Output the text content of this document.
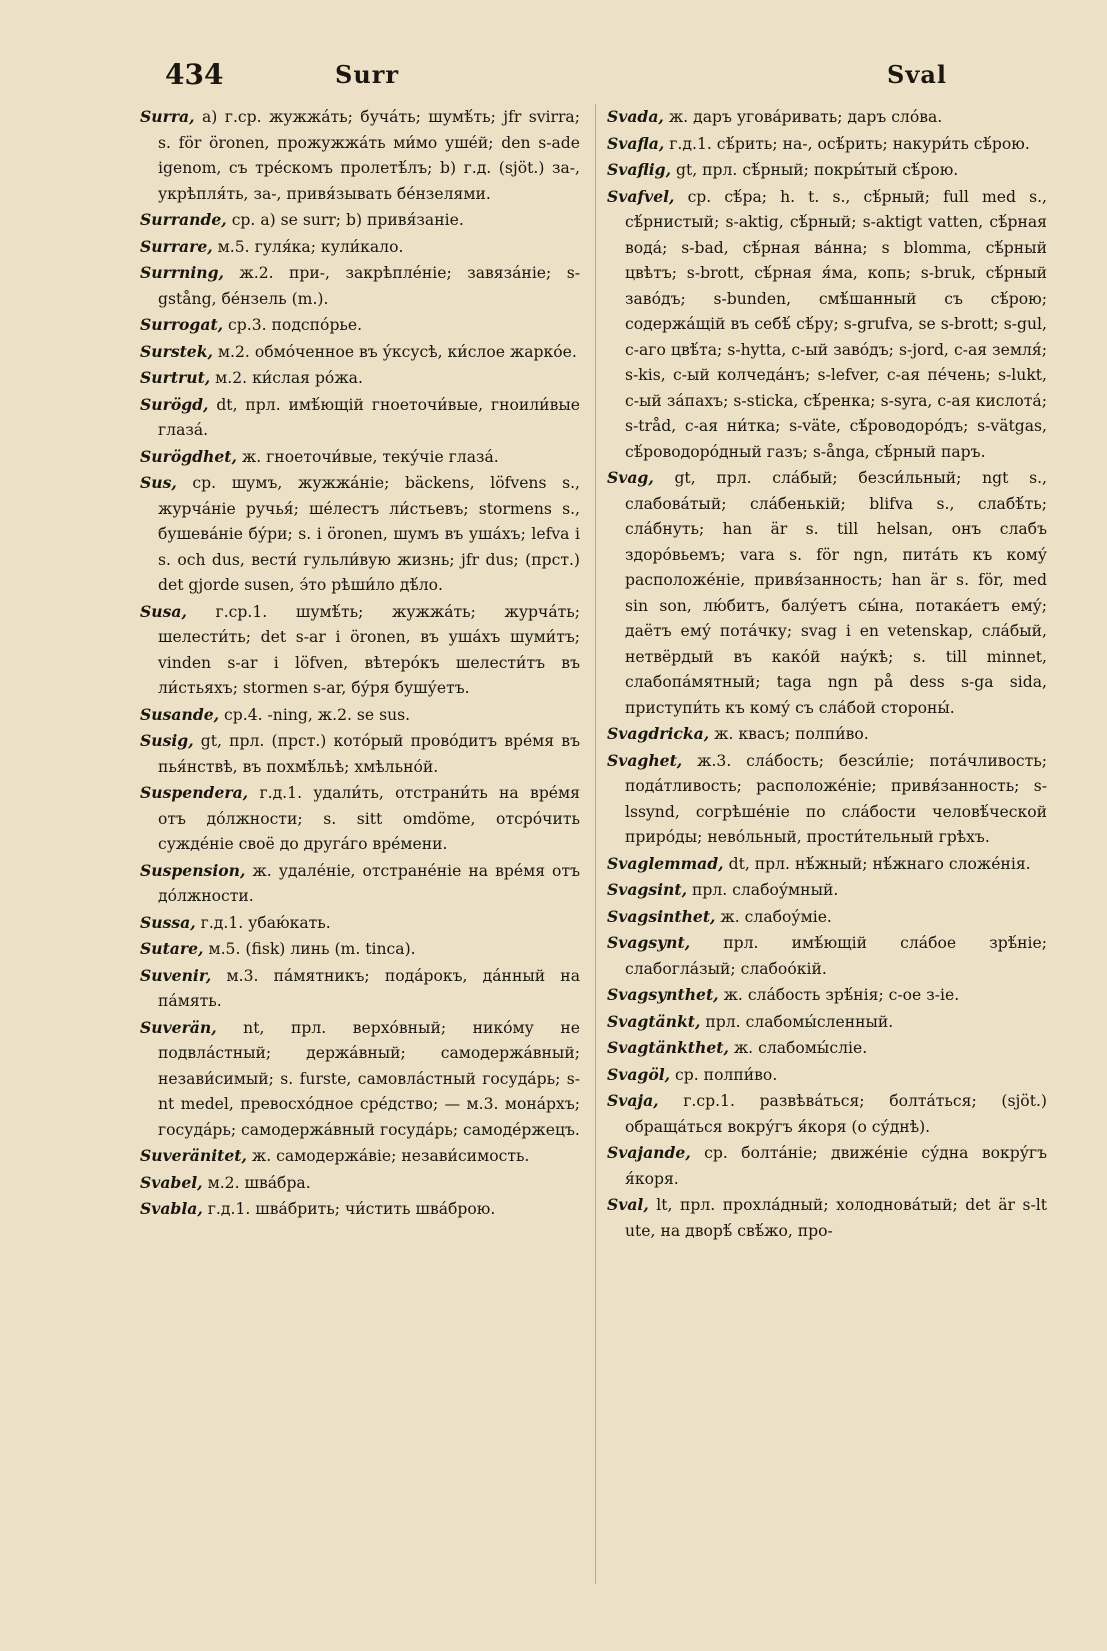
434	Surr	Sval

Surra, a) г.ср. жужжа́ть; буча́ть; шумѣ́ть; jfr svirra; s. för öronen, прожужжа́ть ми́мо уше́й; den s-ade igenom, съ тре́скомъ пролетѣ́лъ; b) г.д. (sjöt.) за-, укрѣпля́ть, за-, привя́зывать бе́нзелями.

Surrande, ср. a) se surr; b) привя́заніе.

Surrare, м.5. гуля́ка; кули́кало.

Surrning, ж.2. при-, закрѣпле́ніе; завяза́ніе; s-gstång, бе́нзель (m.).

Surrogat, ср.3. подспо́рье.

Surstek, м.2. обмо́ченное въ у́ксусѣ, ки́слое жарко́е.

Surtrut, м.2. ки́слая ро́жа.

Surögd, dt, прл. имѣ́ющій гноеточи́вые, гноили́вые глаза́.

Surögdhet, ж. гноеточи́вые, теку́чіе глаза́.

Sus, ср. шумъ, жужжа́ніе; bäckens, löfvens s., журча́ніе ручья́; ше́лестъ ли́стьевъ; stormens s., бушева́ніе бу́ри; s. i öronen, шумъ въ уша́хъ; lefva i s. och dus, вести́ гульли́вую жизнь; jfr dus; (прст.) det gjorde susen, э́то рѣши́ло дѣ́ло.

Susa, г.ср.1. шумѣ́ть; жужжа́ть; журча́ть; шелести́ть; det s-ar i öronen, въ уша́хъ шуми́тъ; vinden s-ar i löfven, вѣтеро́къ шелести́тъ въ ли́стьяхъ; stormen s-ar, бу́ря бушу́етъ.

Susande, ср.4. -ning, ж.2. se sus.

Susig, gt, прл. (прст.) кото́рый прово́дитъ вре́мя въ пья́нствѣ, въ похмѣ́льѣ; хмѣльно́й.

Suspendera, г.д.1. удали́ть, отстрани́ть на вре́мя отъ до́лжности; s. sitt omdöme, отсро́чить сужде́ніе своё до друга́го вре́мени.

Suspension, ж. удале́ніе, отстране́ніе на вре́мя отъ до́лжности.

Sussa, г.д.1. убаю́кать.

Sutare, м.5. (fisk) линь (m. tinca).

Suvenir, м.3. па́мятникъ; пода́рокъ, да́нный на па́мять.

Suverän, nt, прл. верхо́вный; нико́му не подвла́стный; держа́вный; самодержа́вный; незави́симый; s. furste, самовла́стный госуда́рь; s-nt medel, превосхо́дное сре́дство; — м.3. мона́рхъ; госуда́рь; самодержа́вный госуда́рь; самоде́ржецъ.

Suveränitet, ж. самодержа́віе; незави́симость.

Svabel, м.2. шва́бра.

Svabla, г.д.1. шва́брить; чи́стить шва́брою.

Svada, ж. даръ угова́ривать; даръ сло́ва.

Svafla, г.д.1. сѣ́рить; на-, осѣ́рить; накури́ть сѣ́рою.

Svaflig, gt, прл. сѣ́рный; покры́тый сѣ́рою.

Svafvel, ср. сѣ́ра; h. t. s., сѣ́рный; full med s., сѣ́рнистый; s-aktig, сѣ́рный; s-aktigt vatten, сѣ́рная вода́; s-bad, сѣ́рная ва́нна; s blomma, сѣ́рный цвѣтъ; s-brott, сѣ́рная я́ма, копь; s-bruk, сѣ́рный заво́дъ; s-bunden, смѣ́шанный съ сѣ́рою; содержа́щій въ себѣ́ сѣ́ру; s-grufva, se s-brott; s-gul, с-аго цвѣ́та; s-hytta, с-ый заво́дъ; s-jord, с-ая земля́; s-kis, с-ый колчеда́нъ; s-lefver, с-ая пе́чень; s-lukt, с-ый за́пахъ; s-sticka, сѣ́ренка; s-syra, с-ая кислота́; s-tråd, с-ая ни́тка; s-väte, сѣ́роводоро́дъ; s-vätgas, сѣ́роводоро́дный газъ; s-ånga, сѣ́рный паръ.

Svag, gt, прл. сла́бый; безси́льный; ngt s., слабова́тый; сла́бенькій; blifva s., слабѣ́ть; сла́бнуть; han är s. till helsan, онъ слабъ здоро́вьемъ; vara s. för ngn, пита́ть къ кому́ расположе́ніе, привя́занность; han är s. för, med sin son, лю́битъ, балу́етъ сы́на, потака́етъ ему́; даётъ ему́ пота́чку; svag i en vetenskap, сла́бый, нетвёрдый въ како́й нау́кѣ; s. till minnet, слабопа́мятный; taga ngn på dess s-ga sida, приступи́ть къ кому́ съ сла́бой стороны́.

Svagdricka, ж. квасъ; полпи́во.

Svaghet, ж.3. сла́бость; безси́ліе; пота́чливость; пода́тливость; расположе́ніе; привя́занность; s-lssynd, согрѣше́ніе по сла́бости человѣ́ческой приро́ды; нево́льный, прости́тельный грѣхъ.

Svaglemmad, dt, прл. нѣ́жный; нѣ́жнаго сложе́нія.

Svagsint, прл. слабоу́мный.

Svagsinthet, ж. слабоу́міе.

Svagsynt, прл. имѣ́ющій сла́бое зрѣ́ніе; слабогла́зый; слабоо́кій.

Svagsynthet, ж. сла́бость зрѣ́нія; с-ое з-іе.

Svagtänkt, прл. слабомы́сленный.

Svagtänkthet, ж. слабомы́сліе.

Svagöl, ср. полпи́во.

Svaja, г.ср.1. развѣва́ться; болта́ться; (sjöt.) обраща́ться вокру́гъ я́коря (о су́днѣ).

Svajande, ср. болта́ніе; движе́ніе су́дна вокру́гъ я́коря.

Sval, lt, прл. прохла́дный; холоднова́тый; det är s-lt ute, на дворѣ́ свѣ́жо, про-
